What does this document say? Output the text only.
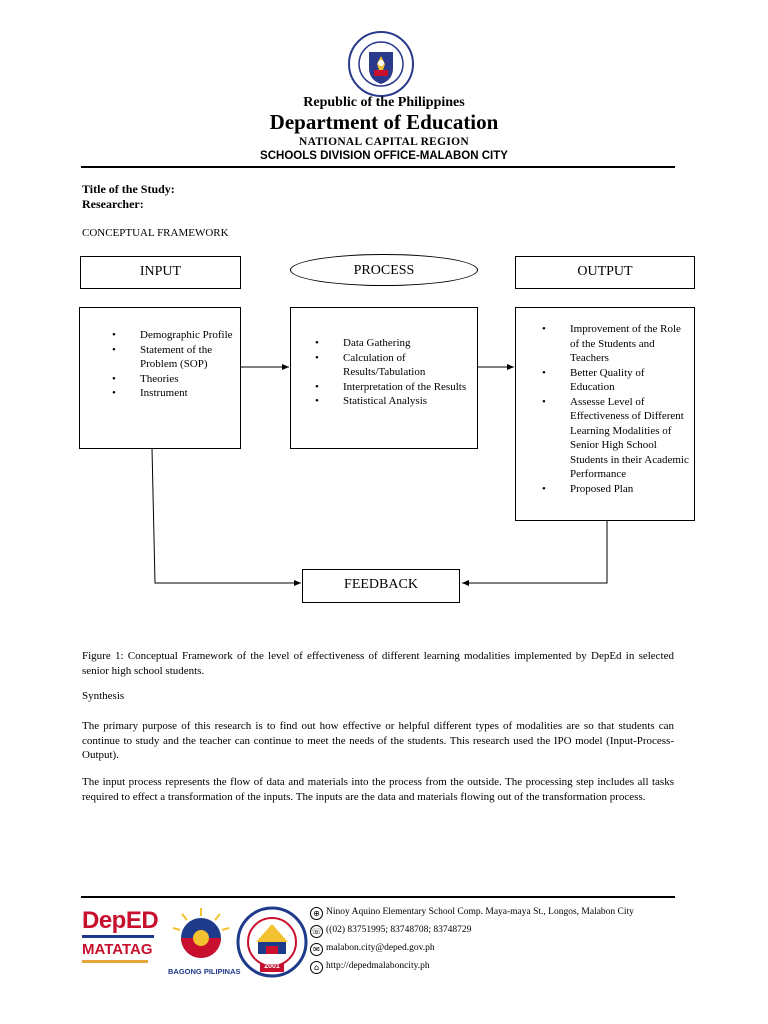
Republic of the Philippines
Department of Education
NATIONAL CAPITAL REGION
SCHOOLS DIVISION OFFICE-MALABON CITY
Title of the Study:
Researcher:
CONCEPTUAL FRAMEWORK
INPUT	PROCESS	OUTPUT
• Demographic Profile
• Statement of the Problem (SOP)
• Theories
• Instrument
• Data Gathering
• Calculation of Results/Tabulation
• Interpretation of the Results
• Statistical Analysis
• Improvement of the Role of the Students and Teachers
• Better Quality of Education
• Assesse Level of Effectiveness of Different Learning Modalities of Senior High School Students in their Academic Performance
• Proposed Plan
FEEDBACK
Figure 1: Conceptual Framework of the level of effectiveness of different learning modalities implemented by DepEd in selected senior high school students.
Synthesis
The primary purpose of this research is to find out how effective or helpful different types of modalities are so that students can continue to study and the teacher can continue to meet the needs of the students. This research used the IPO model (Input-Process-Output).
The input process represents the flow of data and materials into the process from the outside. The processing step includes all tasks required to effect a transformation of the inputs. The inputs are the data and materials flowing out of the transformation process.
DepED
MATATAG
BAGONG PILIPINAS
2001
⊕ Ninoy Aquino Elementary School Comp. Maya-maya St., Longos, Malabon City
☏ ((02) 83751995; 83748708; 83748729
✉ malabon.city@deped.gov.ph
⌂ http://depedmalaboncity.ph
